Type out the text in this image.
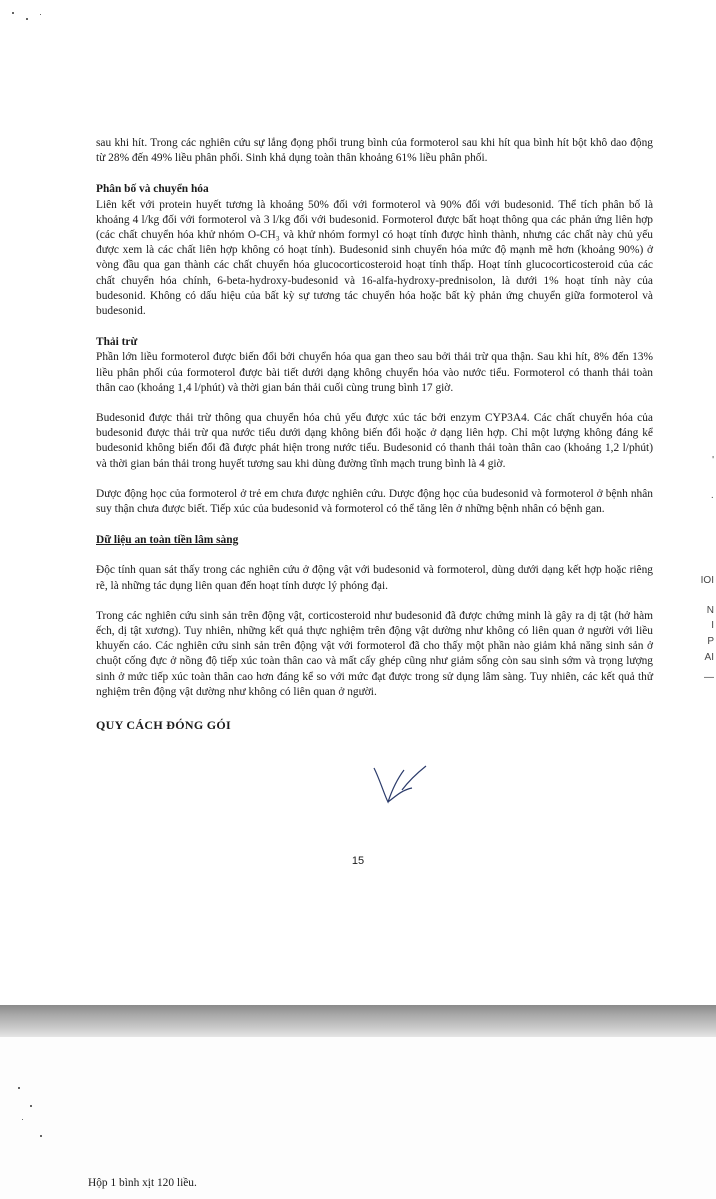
sau khi hít. Trong các nghiên cứu sự lắng đọng phổi trung bình của formoterol sau khi hít qua bình hít bột khô dao động từ 28% đến 49% liều phân phối. Sinh khả dụng toàn thân khoảng 61% liều phân phối.

Phân bố và chuyển hóa

Liên kết với protein huyết tương là khoảng 50% đối với formoterol và 90% đối với budesonid. Thể tích phân bố là khoảng 4 l/kg đối với formoterol và 3 l/kg đối với budesonid. Formoterol được bất hoạt thông qua các phản ứng liên hợp (các chất chuyển hóa khử nhóm O-CH₃ và khử nhóm formyl có hoạt tính được hình thành, nhưng các chất này chủ yếu được xem là các chất liên hợp không có hoạt tính). Budesonid sinh chuyển hóa mức độ mạnh mẽ hơn (khoảng 90%) ở vòng đầu qua gan thành các chất chuyển hóa glucocorticosteroid hoạt tính thấp. Hoạt tính glucocorticosteroid của các chất chuyển hóa chính, 6-beta-hydroxy-budesonid và 16-alfa-hydroxy-prednisolon, là dưới 1% hoạt tính này của budesonid. Không có dấu hiệu của bất kỳ sự tương tác chuyển hóa hoặc bất kỳ phản ứng chuyển giữa formoterol và budesonid.

Thải trừ

Phần lớn liều formoterol được biến đổi bởi chuyển hóa qua gan theo sau bởi thải trừ qua thận. Sau khi hít, 8% đến 13% liều phân phối của formoterol được bài tiết dưới dạng không chuyển hóa vào nước tiểu. Formoterol có thanh thải toàn thân cao (khoảng 1,4 l/phút) và thời gian bán thải cuối cùng trung bình 17 giờ.

Budesonid được thải trừ thông qua chuyển hóa chủ yếu được xúc tác bởi enzym CYP3A4. Các chất chuyển hóa của budesonid được thải trừ qua nước tiểu dưới dạng không biến đổi hoặc ở dạng liên hợp. Chỉ một lượng không đáng kể budesonid không biến đổi đã được phát hiện trong nước tiểu. Budesonid có thanh thải toàn thân cao (khoảng 1,2 l/phút) và thời gian bán thải trong huyết tương sau khi dùng đường tĩnh mạch trung bình là 4 giờ.

Dược động học của formoterol ở trẻ em chưa được nghiên cứu. Dược động học của budesonid và formoterol ở bệnh nhân suy thận chưa được biết. Tiếp xúc của budesonid và formoterol có thể tăng lên ở những bệnh nhân có bệnh gan.

Dữ liệu an toàn tiền lâm sàng

Độc tính quan sát thấy trong các nghiên cứu ở động vật với budesonid và formoterol, dùng dưới dạng kết hợp hoặc riêng rẽ, là những tác dụng liên quan đến hoạt tính dược lý phóng đại.

Trong các nghiên cứu sinh sản trên động vật, corticosteroid như budesonid đã được chứng minh là gây ra dị tật (hở hàm ếch, dị tật xương). Tuy nhiên, những kết quả thực nghiệm trên động vật dường như không có liên quan ở người với liều khuyến cáo. Các nghiên cứu sinh sản trên động vật với formoterol đã cho thấy một phần nào giảm khả năng sinh sản ở chuột cống đực ở nồng độ tiếp xúc toàn thân cao và mất cấy ghép cũng như giảm sống còn sau sinh sớm và trọng lượng sinh ở mức tiếp xúc toàn thân cao hơn đáng kể so với mức đạt được trong sử dụng lâm sàng. Tuy nhiên, các kết quả thử nghiệm trên động vật dường như không có liên quan ở người.

QUY CÁCH ĐÓNG GÓI

15
'
·
IOI
N
I
P
AI
—
Hộp 1 bình xịt 120 liều.
